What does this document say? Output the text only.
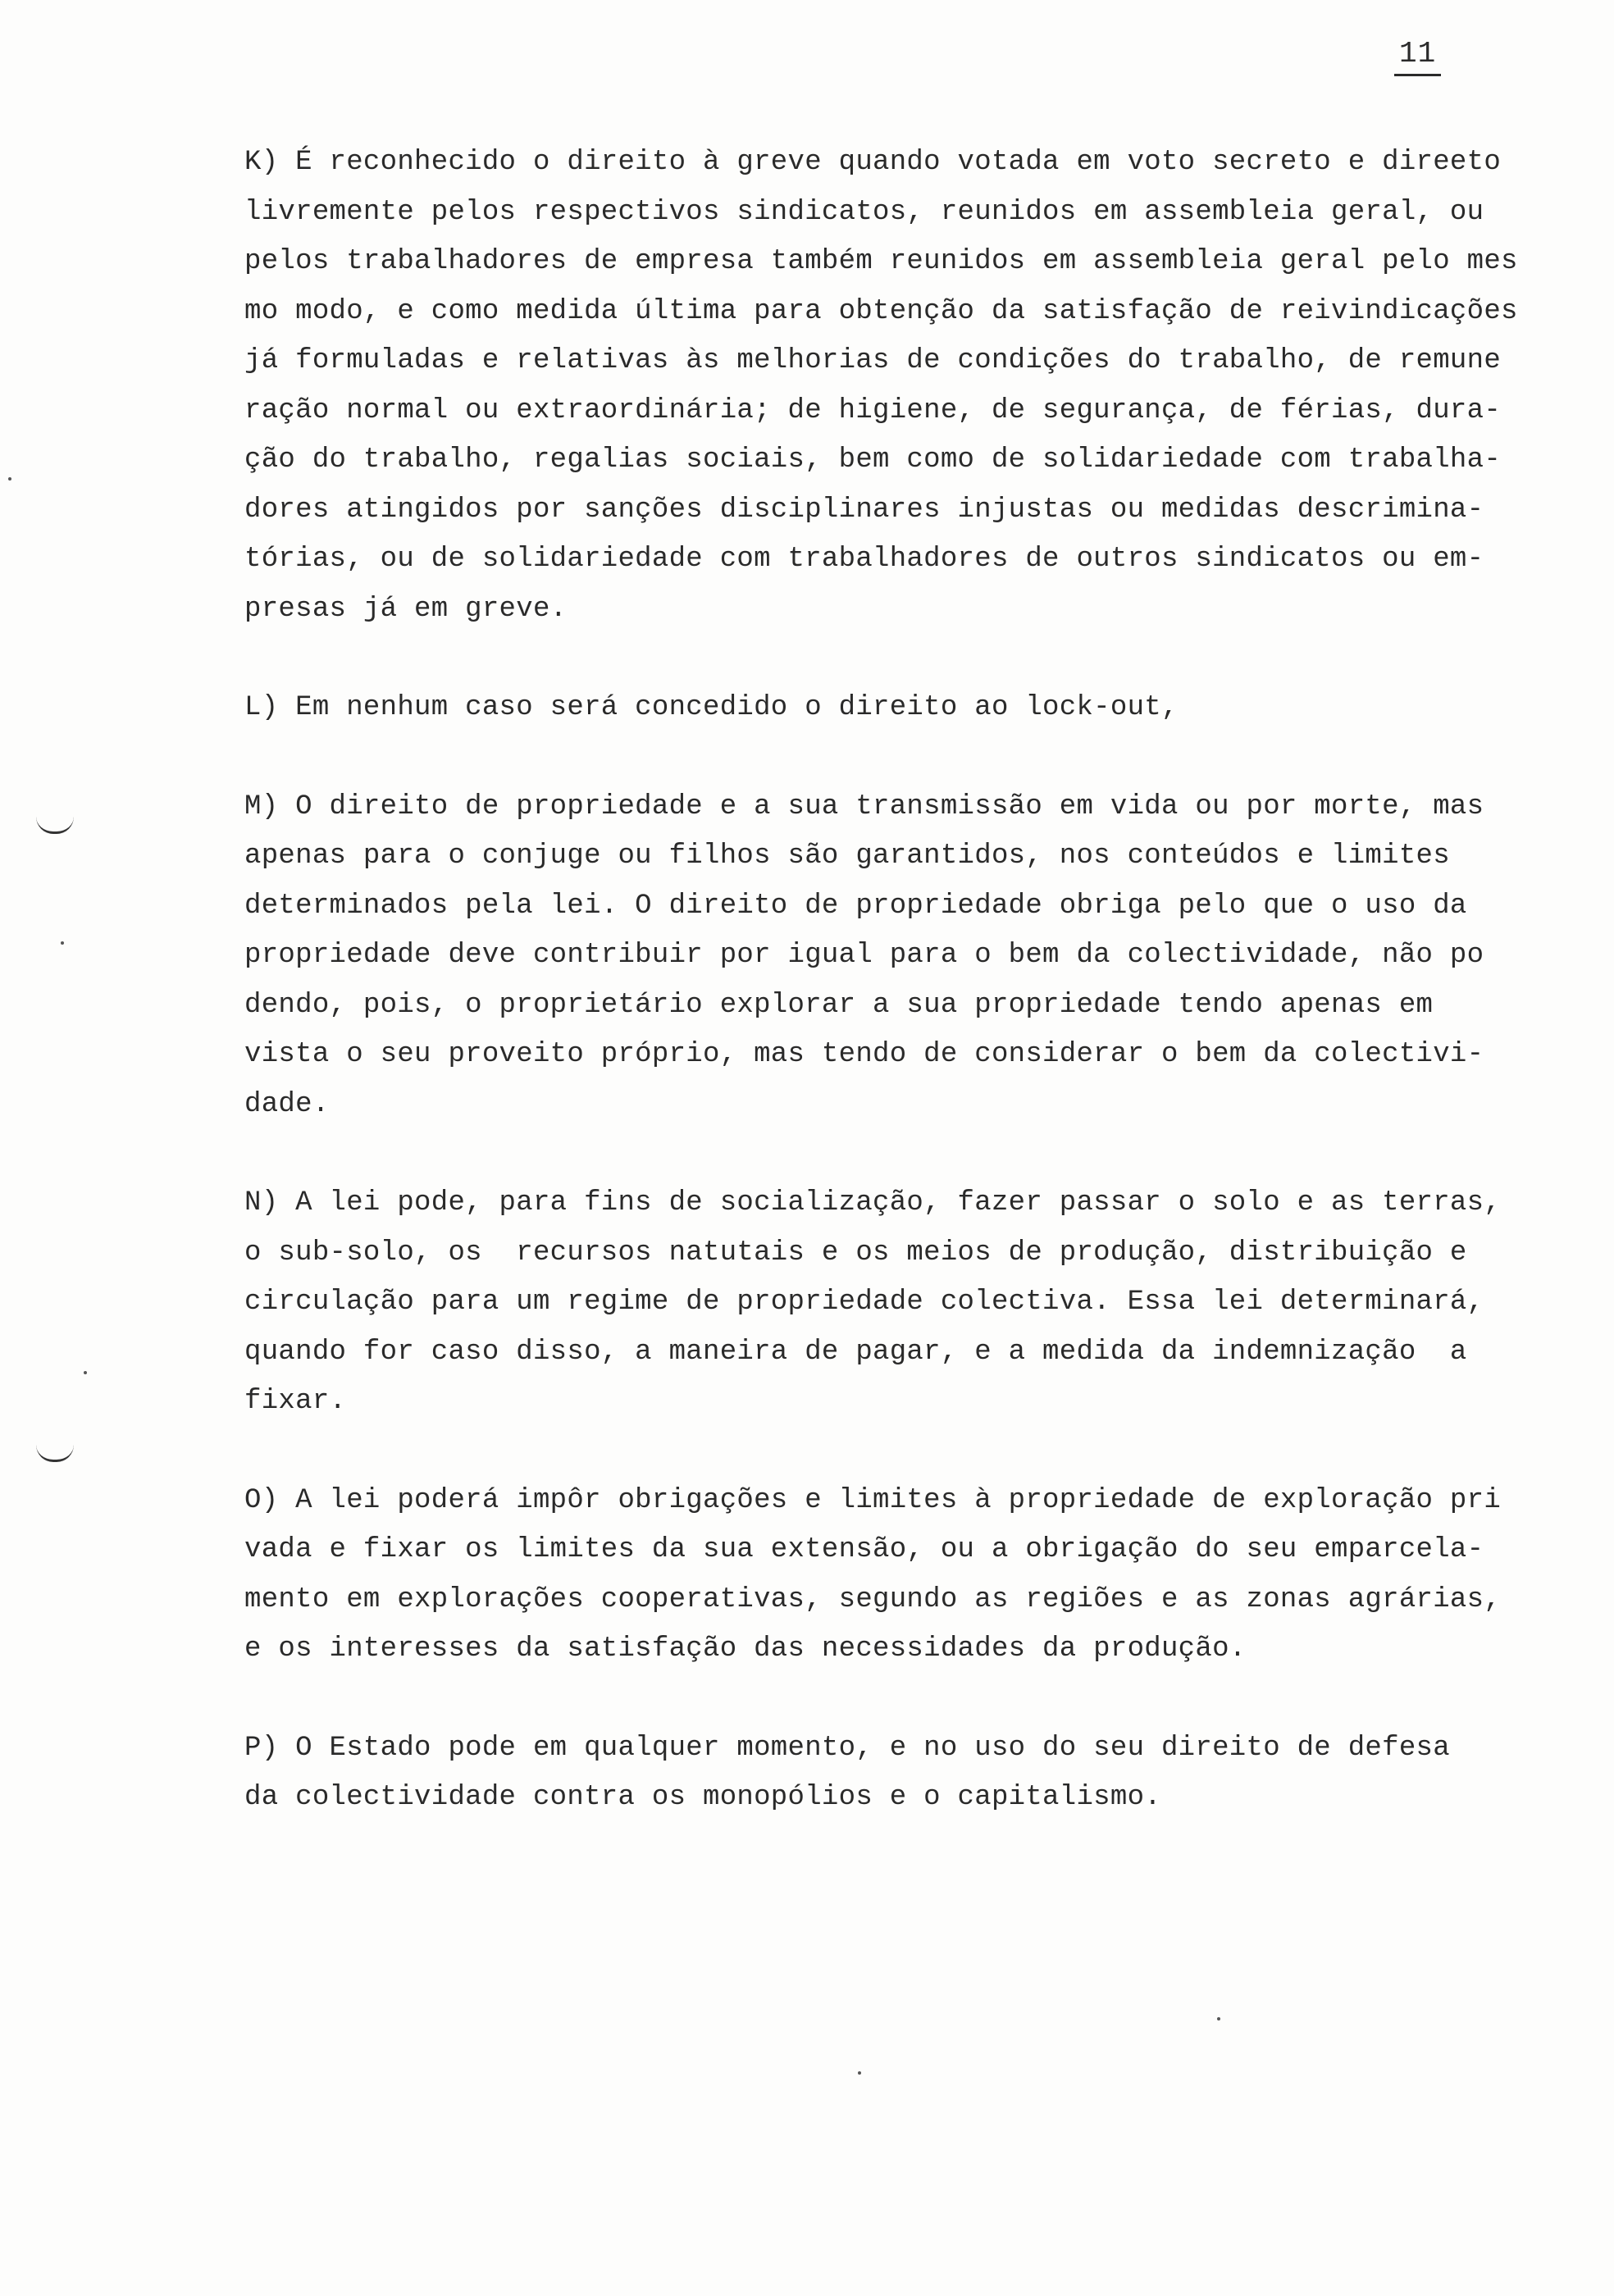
11
K) É reconhecido o direito à greve quando votada em voto secreto e direeto
livremente pelos respectivos sindicatos, reunidos em assembleia geral, ou
pelos trabalhadores de empresa também reunidos em assembleia geral pelo mes
mo modo, e como medida última para obtenção da satisfação de reivindicações
já formuladas e relativas às melhorias de condições do trabalho, de remune
ração normal ou extraordinária; de higiene, de segurança, de férias, dura-
ção do trabalho, regalias sociais, bem como de solidariedade com trabalha-
dores atingidos por sanções disciplinares injustas ou medidas descrimina-
tórias, ou de solidariedade com trabalhadores de outros sindicatos ou em-
presas já em greve.
L) Em nenhum caso será concedido o direito ao lock-out,
M) O direito de propriedade e a sua transmissão em vida ou por morte, mas
apenas para o conjuge ou filhos são garantidos, nos conteúdos e limites
determinados pela lei. O direito de propriedade obriga pelo que o uso da
propriedade deve contribuir por igual para o bem da colectividade, não po
dendo, pois, o proprietário explorar a sua propriedade tendo apenas em
vista o seu proveito próprio, mas tendo de considerar o bem da colectivi-
dade.
N) A lei pode, para fins de socialização, fazer passar o solo e as terras,
o sub-solo, os  recursos natutais e os meios de produção, distribuição e
circulação para um regime de propriedade colectiva. Essa lei determinará,
quando for caso disso, a maneira de pagar, e a medida da indemnização  a
fixar.
O) A lei poderá impôr obrigações e limites à propriedade de exploração pri
vada e fixar os limites da sua extensão, ou a obrigação do seu emparcela-
mento em explorações cooperativas, segundo as regiões e as zonas agrárias,
e os interesses da satisfação das necessidades da produção.
P) O Estado pode em qualquer momento, e no uso do seu direito de defesa
da colectividade contra os monopólios e o capitalismo.
